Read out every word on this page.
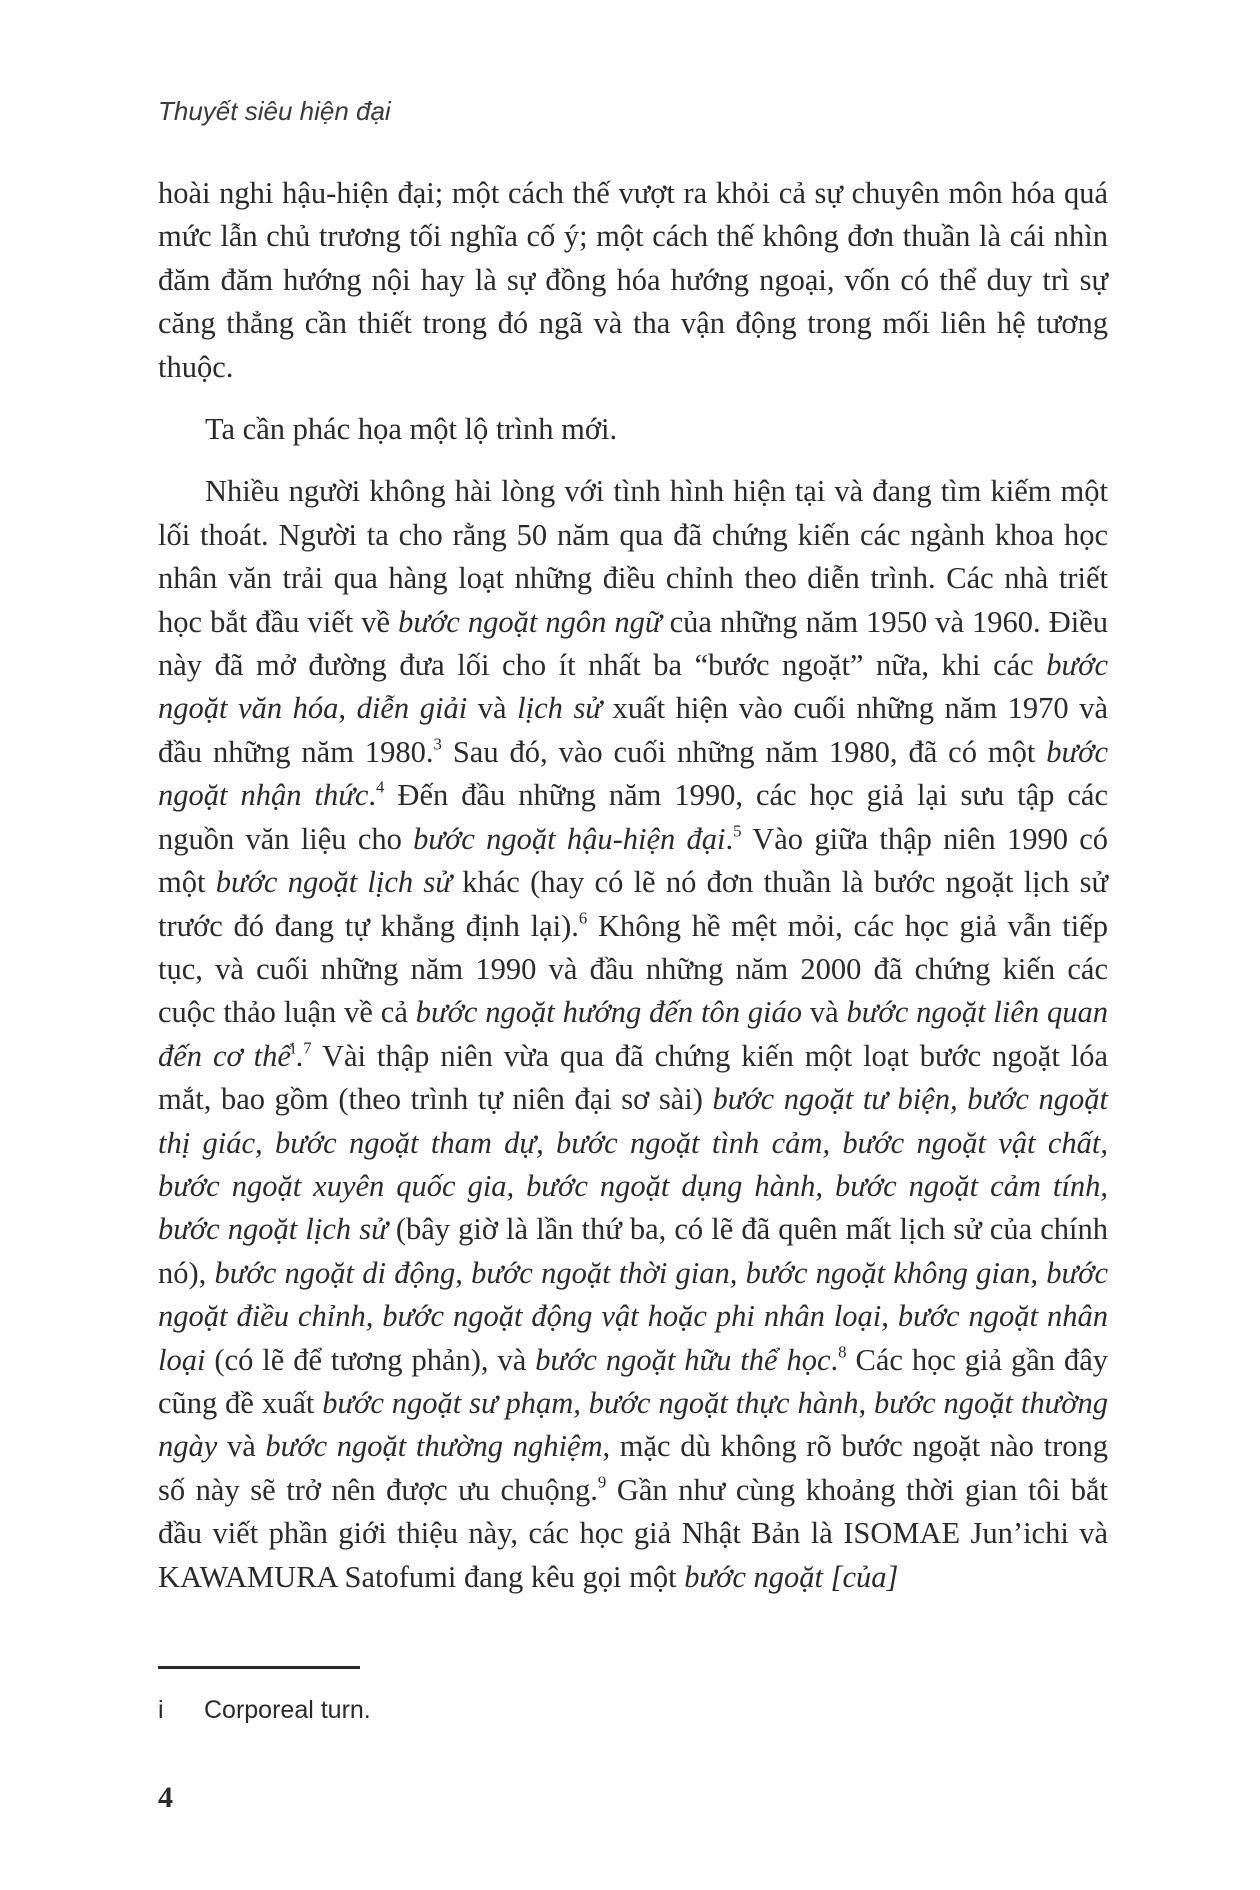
Thuyết siêu hiện đại

hoài nghi hậu-hiện đại; một cách thế vượt ra khỏi cả sự chuyên môn hóa quá mức lẫn chủ trương tối nghĩa cố ý; một cách thế không đơn thuần là cái nhìn đăm đăm hướng nội hay là sự đồng hóa hướng ngoại, vốn có thể duy trì sự căng thẳng cần thiết trong đó ngã và tha vận động trong mối liên hệ tương thuộc.

Ta cần phác họa một lộ trình mới.

Nhiều người không hài lòng với tình hình hiện tại và đang tìm kiếm một lối thoát. Người ta cho rằng 50 năm qua đã chứng kiến các ngành khoa học nhân văn trải qua hàng loạt những điều chỉnh theo diễn trình. Các nhà triết học bắt đầu viết về bước ngoặt ngôn ngữ của những năm 1950 và 1960. Điều này đã mở đường đưa lối cho ít nhất ba “bước ngoặt” nữa, khi các bước ngoặt văn hóa, diễn giải và lịch sử xuất hiện vào cuối những năm 1970 và đầu những năm 1980.$^3$ Sau đó, vào cuối những năm 1980, đã có một bước ngoặt nhận thức.$^4$ Đến đầu những năm 1990, các học giả lại sưu tập các nguồn văn liệu cho bước ngoặt hậu-hiện đại.$^5$ Vào giữa thập niên 1990 có một bước ngoặt lịch sử khác (hay có lẽ nó đơn thuần là bước ngoặt lịch sử trước đó đang tự khẳng định lại).$^6$ Không hề mệt mỏi, các học giả vẫn tiếp tục, và cuối những năm 1990 và đầu những năm 2000 đã chứng kiến các cuộc thảo luận về cả bước ngoặt hướng đến tôn giáo và bước ngoặt liên quan đến cơ thể$^i$.$^7$ Vài thập niên vừa qua đã chứng kiến một loạt bước ngoặt lóa mắt, bao gồm (theo trình tự niên đại sơ sài) bước ngoặt tư biện, bước ngoặt thị giác, bước ngoặt tham dự, bước ngoặt tình cảm, bước ngoặt vật chất, bước ngoặt xuyên quốc gia, bước ngoặt dụng hành, bước ngoặt cảm tính, bước ngoặt lịch sử (bây giờ là lần thứ ba, có lẽ đã quên mất lịch sử của chính nó), bước ngoặt di động, bước ngoặt thời gian, bước ngoặt không gian, bước ngoặt điều chỉnh, bước ngoặt động vật hoặc phi nhân loại, bước ngoặt nhân loại (có lẽ để tương phản), và bước ngoặt hữu thể học.$^8$ Các học giả gần đây cũng đề xuất bước ngoặt sư phạm, bước ngoặt thực hành, bước ngoặt thường ngày và bước ngoặt thường nghiệm, mặc dù không rõ bước ngoặt nào trong số này sẽ trở nên được ưu chuộng.$^9$ Gần như cùng khoảng thời gian tôi bắt đầu viết phần giới thiệu này, các học giả Nhật Bản là ISOMAE Jun’ichi và KAWAMURA Satofumi đang kêu gọi một bước ngoặt [của]

i Corporeal turn.
4
